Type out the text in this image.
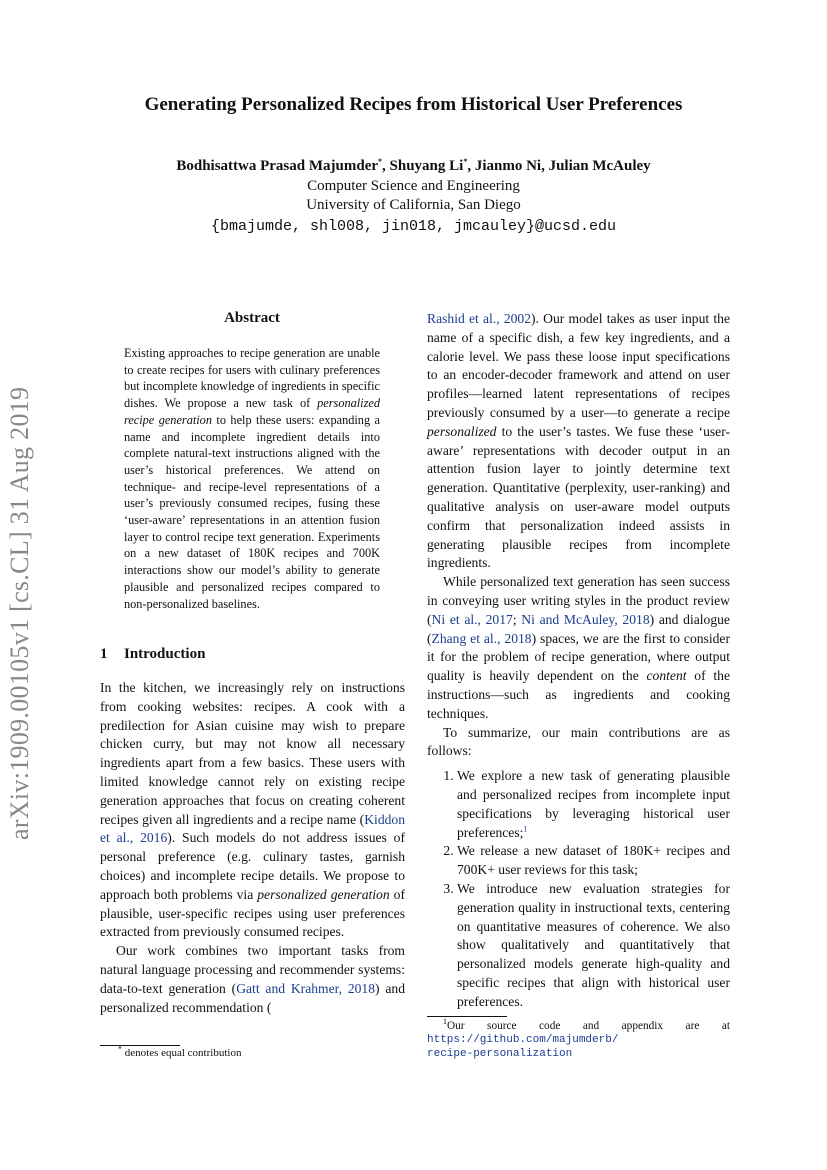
Generating Personalized Recipes from Historical User Preferences
Bodhisattwa Prasad Majumder*, Shuyang Li*, Jianmo Ni, Julian McAuley
Computer Science and Engineering
University of California, San Diego
{bmajumde, shl008, jin018, jmcauley}@ucsd.edu
arXiv:1909.00105v1 [cs.CL] 31 Aug 2019
Abstract

Existing approaches to recipe generation are unable to create recipes for users with culinary preferences but incomplete knowledge of ingredients in specific dishes. We propose a new task of personalized recipe generation to help these users: expanding a name and incomplete ingredient details into complete natural-text instructions aligned with the user’s historical preferences. We attend on technique- and recipe-level representations of a user’s previously consumed recipes, fusing these ‘user-aware’ representations in an attention fusion layer to control recipe text generation. Experiments on a new dataset of 180K recipes and 700K interactions show our model’s ability to generate plausible and personalized recipes compared to non-personalized baselines.

1 Introduction

In the kitchen, we increasingly rely on instructions from cooking websites: recipes. A cook with a predilection for Asian cuisine may wish to prepare chicken curry, but may not know all necessary ingredients apart from a few basics. These users with limited knowledge cannot rely on existing recipe generation approaches that focus on creating coherent recipes given all ingredients and a recipe name (Kiddon et al., 2016). Such models do not address issues of personal preference (e.g. culinary tastes, garnish choices) and incomplete recipe details. We propose to approach both problems via personalized generation of plausible, user-specific recipes using user preferences extracted from previously consumed recipes.

Our work combines two important tasks from natural language processing and recommender systems: data-to-text generation (Gatt and Krahmer, 2018) and personalized recommendation (

Rashid et al., 2002). Our model takes as user input the name of a specific dish, a few key ingredients, and a calorie level. We pass these loose input specifications to an encoder-decoder framework and attend on user profiles—learned latent representations of recipes previously consumed by a user—to generate a recipe personalized to the user’s tastes. We fuse these ‘user-aware’ representations with decoder output in an attention fusion layer to jointly determine text generation. Quantitative (perplexity, user-ranking) and qualitative analysis on user-aware model outputs confirm that personalization indeed assists in generating plausible recipes from incomplete ingredients.

While personalized text generation has seen success in conveying user writing styles in the product review (Ni et al., 2017; Ni and McAuley, 2018) and dialogue (Zhang et al., 2018) spaces, we are the first to consider it for the problem of recipe generation, where output quality is heavily dependent on the content of the instructions—such as ingredients and cooking techniques.

To summarize, our main contributions are as follows:

1. We explore a new task of generating plausible and personalized recipes from incomplete input specifications by leveraging historical user preferences;$^1$
2. We release a new dataset of 180K+ recipes and 700K+ user reviews for this task;
3. We introduce new evaluation strategies for generation quality in instructional texts, centering on quantitative measures of coherence. We also show qualitatively and quantitatively that personalized models generate high-quality and specific recipes that align with historical user preferences.
* denotes equal contribution
$^1$Our source code and appendix are at
https://github.com/majumderb/
recipe-personalization
